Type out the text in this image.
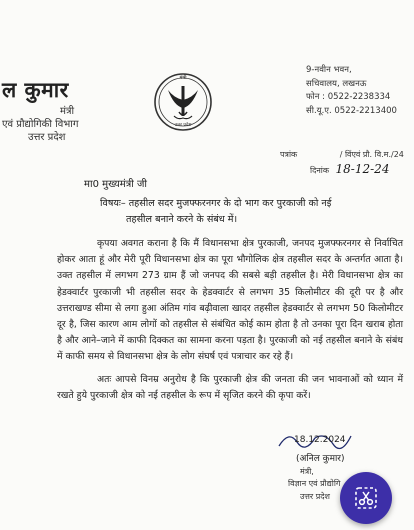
ल कुमार
मंत्री
एवं प्रौद्योगिकी विभाग
उत्तर प्रदेश
मंत्री
उत्तर प्रदेश
9-नवीन भवन,
सचिवालय, लखनऊ
फोन : 0522-2238334
सी.यू.ए. 0522-2213400
पत्रांक	/ विंएवं प्रौ. वि.म./24
दिनांक 18-12-24
मा0 मुख्यमंत्री जी
विषयः– तहसील सदर मुजफ्फरनगर के दो भाग कर पुरकाजी को नई
तहसील बनाने करने के संबंध में।

कृपया अवगत कराना है कि मैं विधानसभा क्षेत्र पुरकाजी, जनपद मुजफ्फरनगर से निर्वाचित होकर आता हूं और मेरी पूरी विधानसभा क्षेत्र का पूरा भौगोलिक क्षेत्र तहसील सदर के अन्तर्गत आता है। उक्त तहसील में लगभग 273 ग्राम हैं जो जनपद की सबसे बड़ी तहसील है। मेरी विधानसभा क्षेत्र का हेडक्वार्टर पुरकाजी भी तहसील सदर के हेडक्वार्टर से लगभग 35 किलोमीटर की दूरी पर है और उत्तराखण्ड सीमा से लगा हुआ अंतिम गांव बढ़ीवाला खादर तहसील हेडक्वार्टर से लगभग 50 किलोमीटर दूर है, जिस कारण आम लोगों को तहसील से संबंधित कोई काम होता है तो उनका पूरा दिन खराब होता है और आने–जाने में काफी दिक्कत का सामना करना पड़ता है। पुरकाजी को नई तहसील बनाने के संबंध में काफी समय से विधानसभा क्षेत्र के लोग संघर्ष एवं पत्राचार कर रहे हैं।

अतः आपसे विनम्र अनुरोध है कि पुरकाजी क्षेत्र की जनता की जन भावनाओं को ध्यान में रखते हुये पुरकाजी क्षेत्र को नई तहसील के रूप में सृजित करने की कृपा करें।

18.12.2024
(अनिल कुमार)
मंत्री,
विज्ञान एवं प्रौद्योगि
उत्तर प्रदेश
